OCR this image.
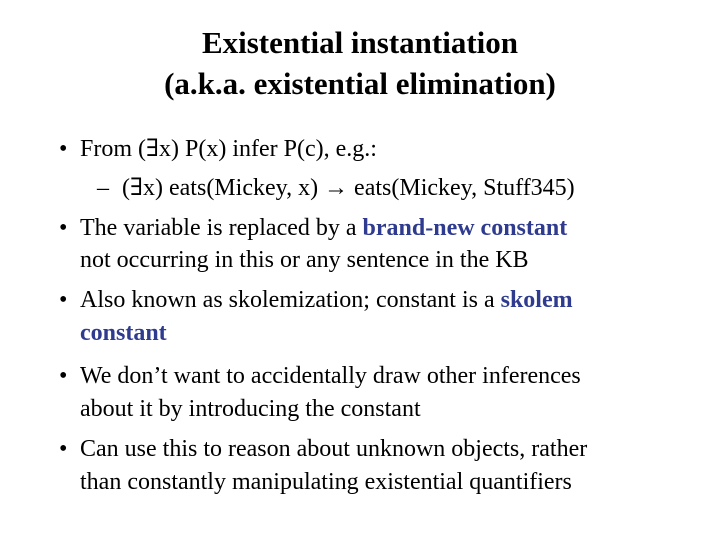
Existential instantiation
(a.k.a. existential elimination)
• From (∃x) P(x) infer P(c), e.g.:
– (∃x) eats(Mickey, x) → eats(Mickey, Stuff345)
• The variable is replaced by a brand-new constant
not occurring in this or any sentence in the KB
• Also known as skolemization; constant is a skolem
constant
• We don’t want to accidentally draw other inferences
about it by introducing the constant
• Can use this to reason about unknown objects, rather
than constantly manipulating existential quantifiers
